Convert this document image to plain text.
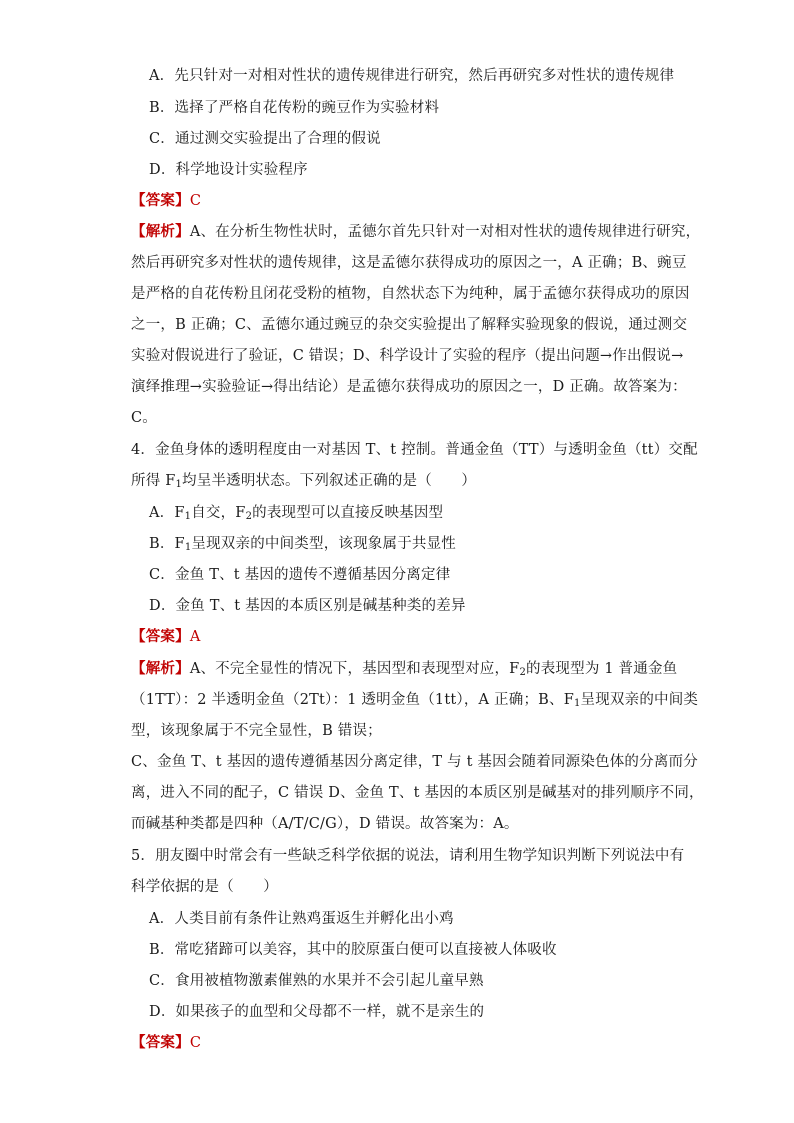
A．先只针对一对相对性状的遗传规律进行研究，然后再研究多对性状的遗传规律
B．选择了严格自花传粉的豌豆作为实验材料
C．通过测交实验提出了合理的假说
D．科学地设计实验程序
【答案】C
【解析】A、在分析生物性状时，孟德尔首先只针对一对相对性状的遗传规律进行研究，
然后再研究多对性状的遗传规律，这是孟德尔获得成功的原因之一，A 正确；B、豌豆
是严格的自花传粉且闭花受粉的植物，自然状态下为纯种，属于孟德尔获得成功的原因
之一，B 正确；C、孟德尔通过豌豆的杂交实验提出了解释实验现象的假说，通过测交
实验对假说进行了验证，C 错误；D、科学设计了实验的程序（提出问题→作出假说→
演绎推理→实验验证→得出结论）是孟德尔获得成功的原因之一，D 正确。故答案为：
C。
4．金鱼身体的透明程度由一对基因 T、t 控制。普通金鱼（TT）与透明金鱼（tt）交配
所得 $F_1$均呈半透明状态。下列叙述正确的是（　　）
A．$F_1$自交，$F_2$的表现型可以直接反映基因型
B．$F_1$呈现双亲的中间类型，该现象属于共显性
C．金鱼 T、t 基因的遗传不遵循基因分离定律
D．金鱼 T、t 基因的本质区别是碱基种类的差异
【答案】A
【解析】A、不完全显性的情况下，基因型和表现型对应，$F_2$的表现型为 1 普通金鱼
（1TT）：2 半透明金鱼（2Tt）：1 透明金鱼（1tt），A 正确；B、$F_1$呈现双亲的中间类
型，该现象属于不完全显性，B 错误；
C、金鱼 T、t 基因的遗传遵循基因分离定律，T 与 t 基因会随着同源染色体的分离而分
离，进入不同的配子，C 错误 D、金鱼 T、t 基因的本质区别是碱基对的排列顺序不同，
而碱基种类都是四种（A/T/C/G），D 错误。故答案为：A。
5．朋友圈中时常会有一些缺乏科学依据的说法，请利用生物学知识判断下列说法中有
科学依据的是（　　）
A．人类目前有条件让熟鸡蛋返生并孵化出小鸡
B．常吃猪蹄可以美容，其中的胶原蛋白便可以直接被人体吸收
C．食用被植物激素催熟的水果并不会引起儿童早熟
D．如果孩子的血型和父母都不一样，就不是亲生的
【答案】C
